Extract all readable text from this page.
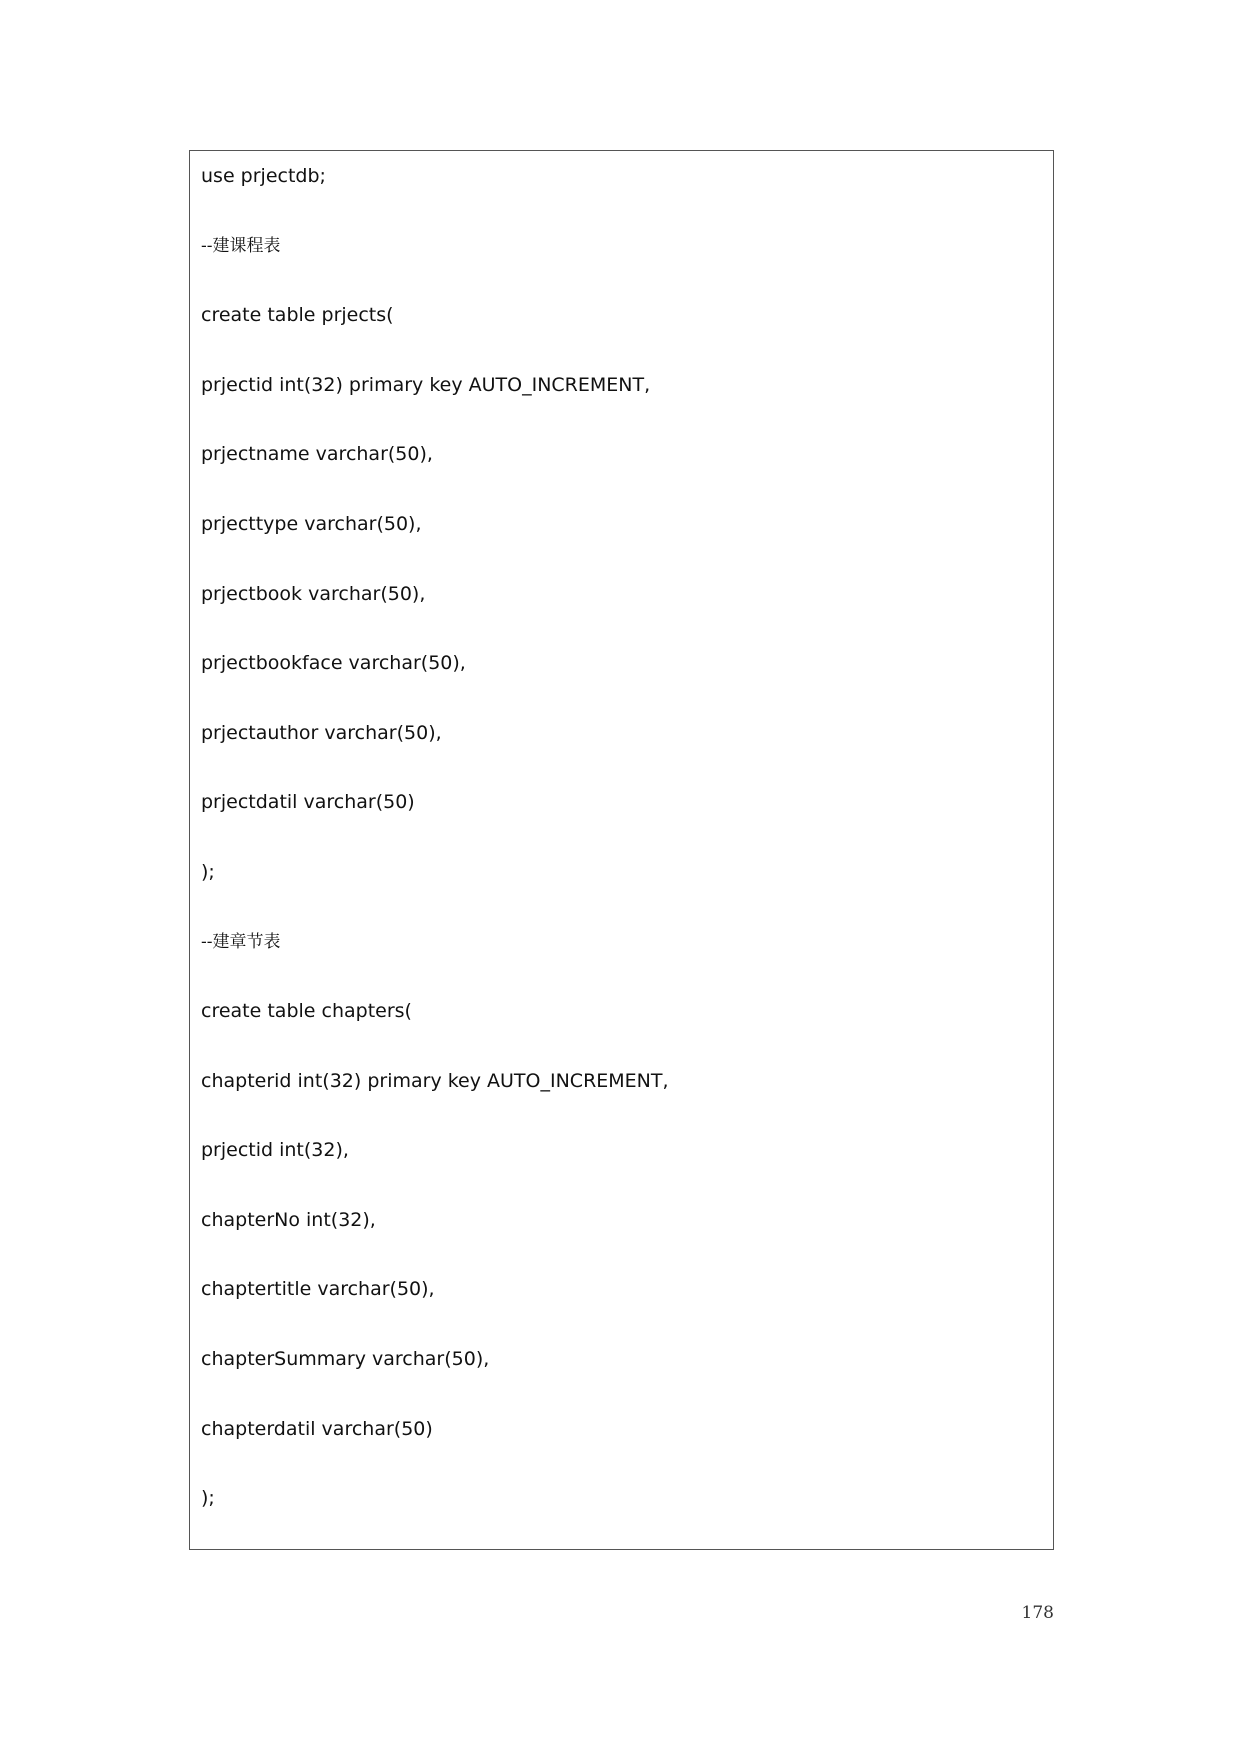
use prjectdb;

--建课程表

create table prjects(

prjectid int(32) primary key AUTO_INCREMENT,

prjectname varchar(50),

prjecttype varchar(50),

prjectbook varchar(50),

prjectbookface varchar(50),

prjectauthor varchar(50),

prjectdatil varchar(50)

);

--建章节表

create table chapters(

chapterid int(32) primary key AUTO_INCREMENT,

prjectid int(32),

chapterNo int(32),

chaptertitle varchar(50),

chapterSummary varchar(50),

chapterdatil varchar(50)

);

178
